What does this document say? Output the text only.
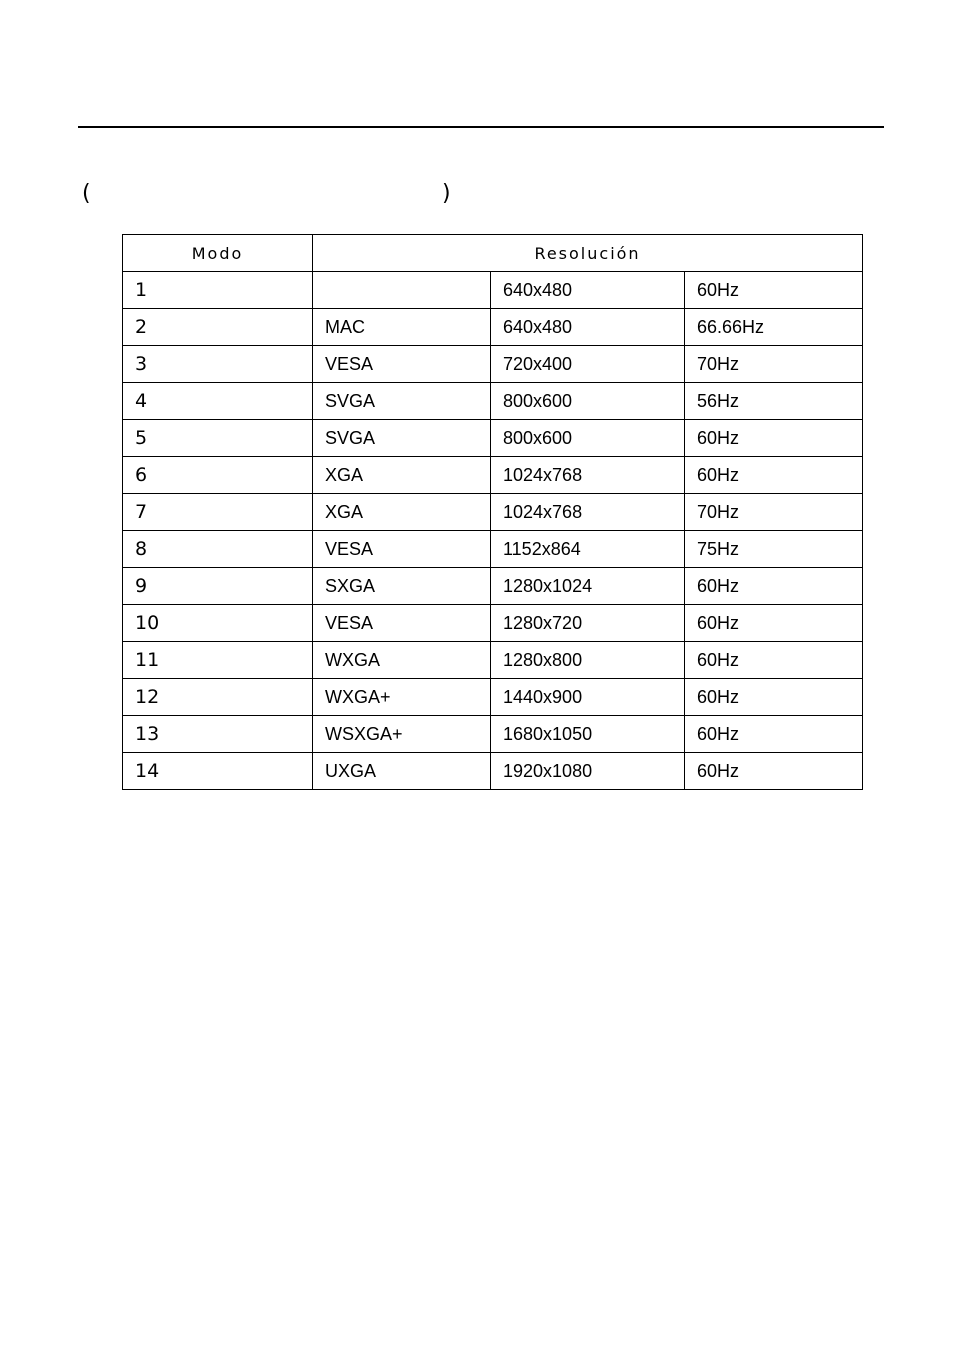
(	)
Modo	Resolución		
1		640x480	60Hz
2	MAC	640x480	66.66Hz
3	VESA	720x400	70Hz
4	SVGA	800x600	56Hz
5	SVGA	800x600	60Hz
6	XGA	1024x768	60Hz
7	XGA	1024x768	70Hz
8	VESA	1152x864	75Hz
9	SXGA	1280x1024	60Hz
10	VESA	1280x720	60Hz
11	WXGA	1280x800	60Hz
12	WXGA+	1440x900	60Hz
13	WSXGA+	1680x1050	60Hz
14	UXGA	1920x1080	60Hz
